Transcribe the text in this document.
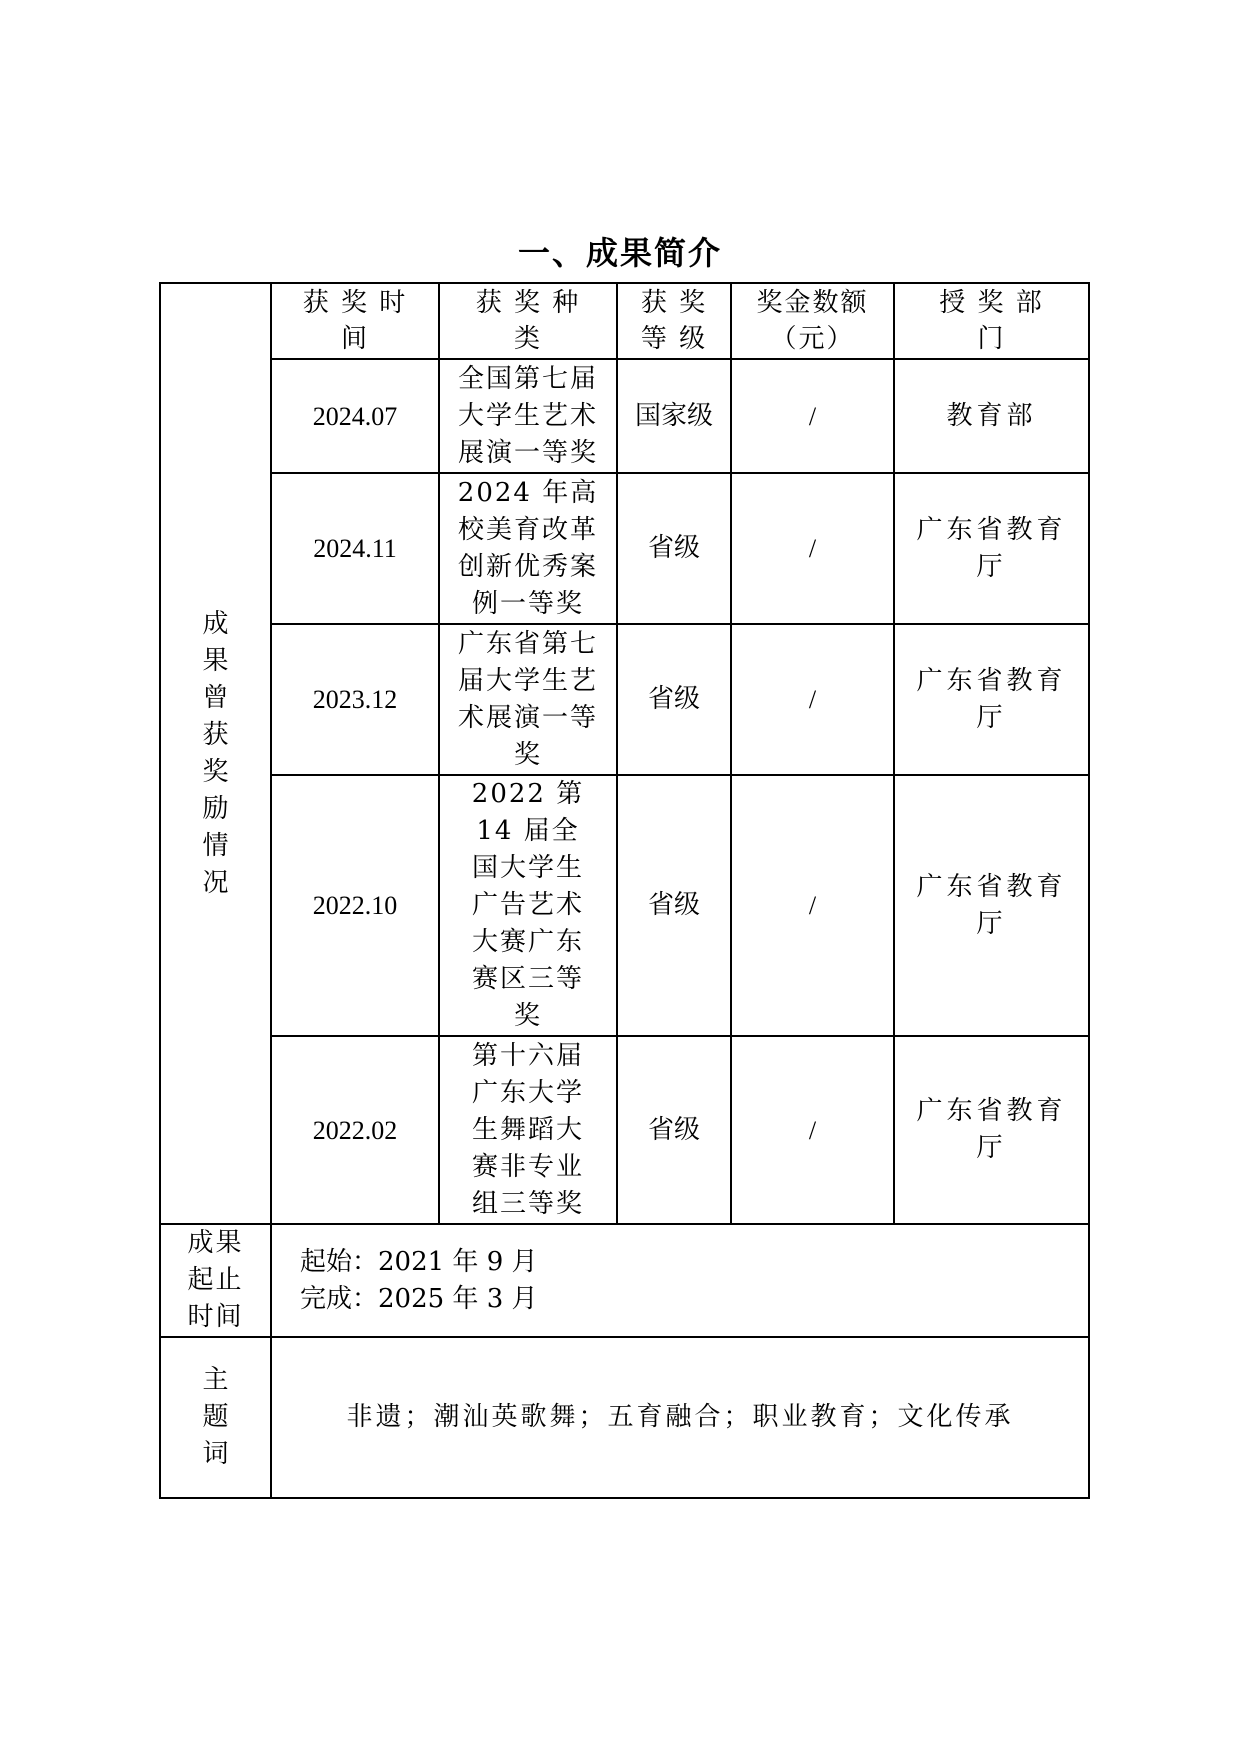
一、成果简介
成果曾获奖励情况	获 奖 时 间	获 奖 种 类	获 奖 等 级	奖金数额（元）	授 奖 部 门
	2024.07	全国第七届大学生艺术展演一等奖	国家级	/	教育部
	2024.11	2024 年高校美育改革创新优秀案例一等奖	省级	/	广东省教育厅
	2023.12	广东省第七届大学生艺术展演一等奖	省级	/	广东省教育厅
	2022.10	2022 第 14 届全国大学生广告艺术大赛广东赛区三等奖	省级	/	广东省教育厅
	2022.02	第十六届广东大学生舞蹈大赛非专业组三等奖	省级	/	广东省教育厅
成果起止时间	起始：2021 年 9 月
完成：2025 年 3 月				

主题词	非遗；潮汕英歌舞；五育融合；职业教育；文化传承				
